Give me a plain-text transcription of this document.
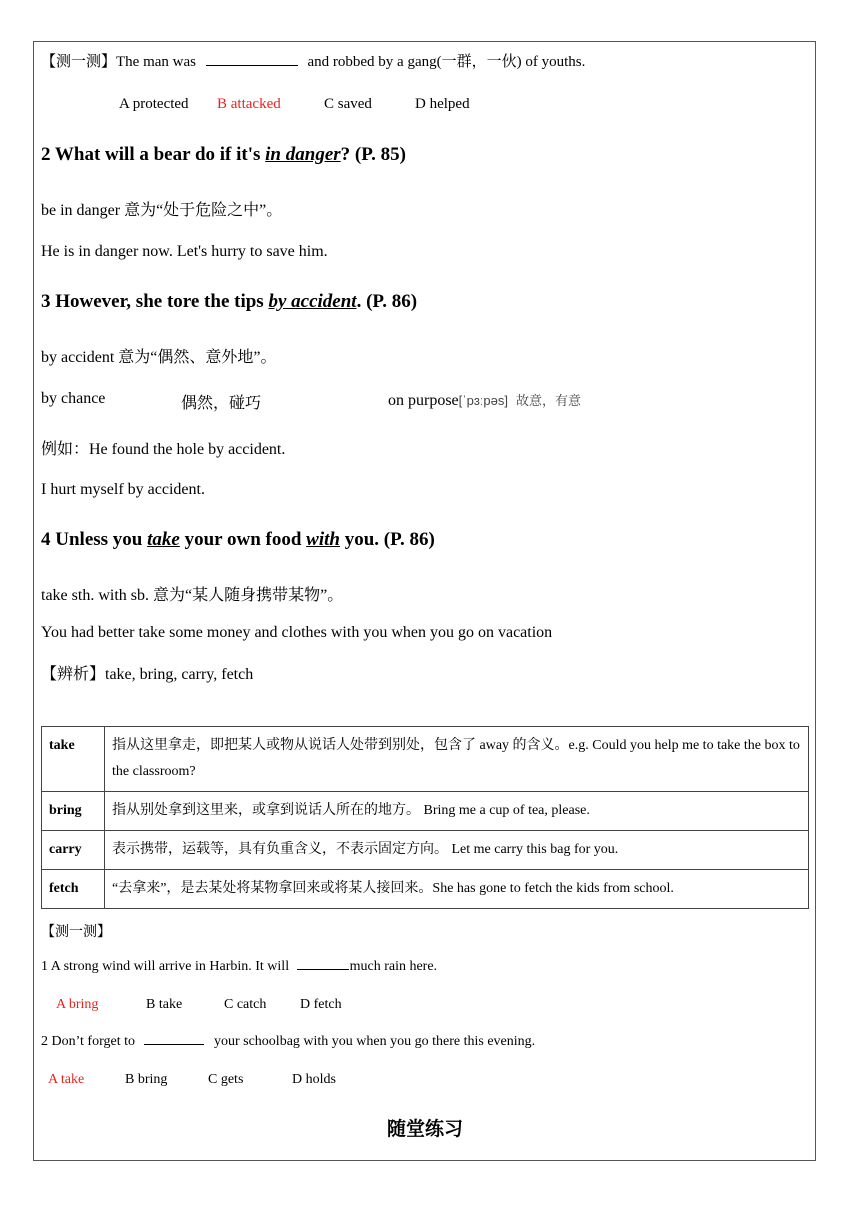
【测一测】The man was	and robbed by a gang(一群，一伙) of youths.
A protected B attacked	C saved	D helped
2 What will a bear do if it's in danger? (P. 85)
be in danger 意为“处于危险之中”。
He is in danger now. Let's hurry to save him.
3 However, she tore the tips by accident. (P. 86)
by accident 意为“偶然、意外地”。
by chance	偶然，碰巧	on purpose[ˈpɜːpəs] 故意，有意
例如：He found the hole by accident.
I hurt myself by accident.
4 Unless you take your own food with you. (P. 86)
take sth. with sb. 意为“某人随身携带某物”。
You had better take some money and clothes with you when you go on vacation
【辨析】take, bring, carry, fetch
take	指从这里拿走，即把某人或物从说话人处带到别处，包含了 away 的含义。e.g. Could you help me to take the box to the classroom?
bring	指从别处拿到这里来，或拿到说话人所在的地方。 Bring me a cup of tea, please.
carry	表示携带，运载等，具有负重含义，不表示固定方向。 Let me carry this bag for you.
fetch	“去拿来”，是去某处将某物拿回来或将某人接回来。She has gone to fetch the kids from school.
【测一测】
1 A strong wind will arrive in Harbin. It will	much rain here.
A bring	B take	C catch D fetch
2 Don’t forget to	your schoolbag with you when you go there this evening.
A take	B bring	C gets	D holds
随堂练习
